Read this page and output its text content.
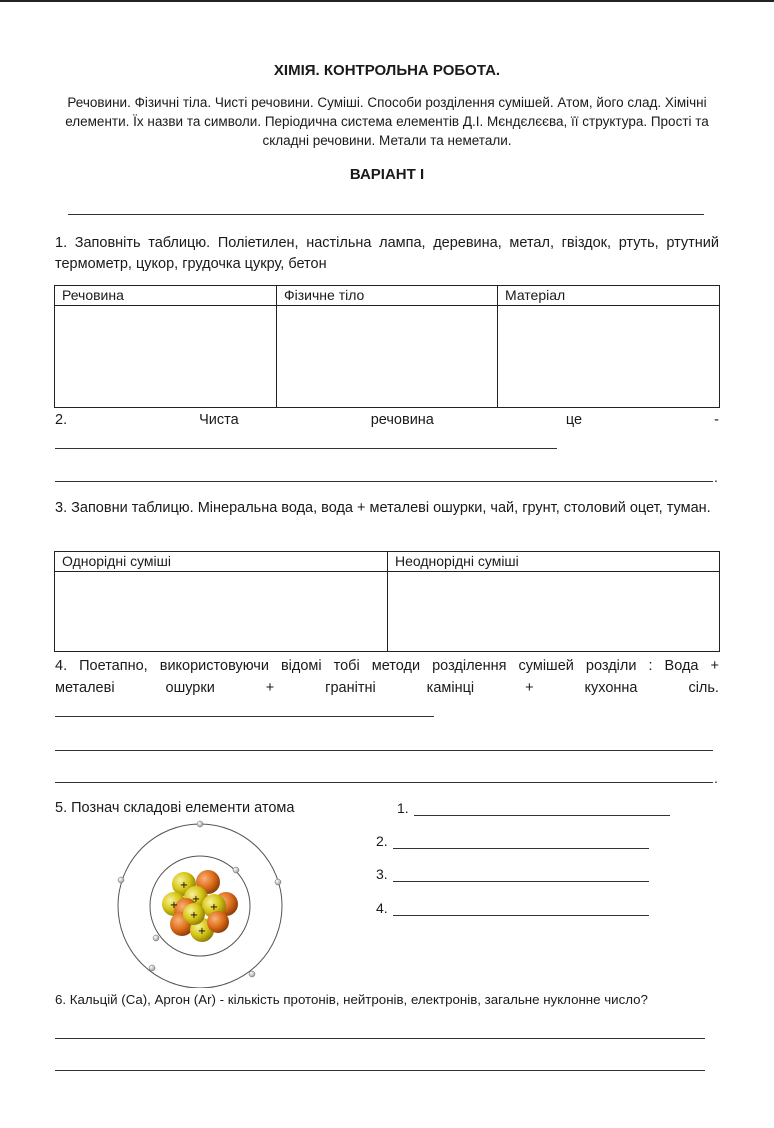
ХІМІЯ. КОНТРОЛЬНА РОБОТА.
Речовини. Фізичні тіла. Чисті речовини. Суміші. Способи розділення сумішей. Атом, його слад. Хімічні елементи. Їх назви та символи. Періодична система елементів Д.І. Мєндєлєєва, її структура. Прості та складні речовини. Метали та неметали.
ВАРІАНТ І
1. Заповніть таблицю. Поліетилен, настільна лампа, деревина, метал, гвіздок, ртуть, ртутний термометр, цукор, грудочка цукру, бетон
Речовина	Фізичне тіло	Матеріал

2.	Чиста	речовина	це	-
.
3. Заповни таблицю. Мінеральна вода, вода + металеві ошурки, чай, грунт, столовий оцет, туман.
Однорідні суміші	Неоднорідні суміші

4. Поетапно, використовуючи відомі тобі методи розділення сумішей розділи : Вода +
металеві	ошурки	+	гранітні	камінці	+	кухонна	сіль.
.
5. Познач складові елементи атома
+
+
+	+
+
+
1.
2.
3.
4.
6. Кальцій (Ca), Аргон (Ar) - кількість протонів, нейтронів, електронів, загальне нуклонне число?
